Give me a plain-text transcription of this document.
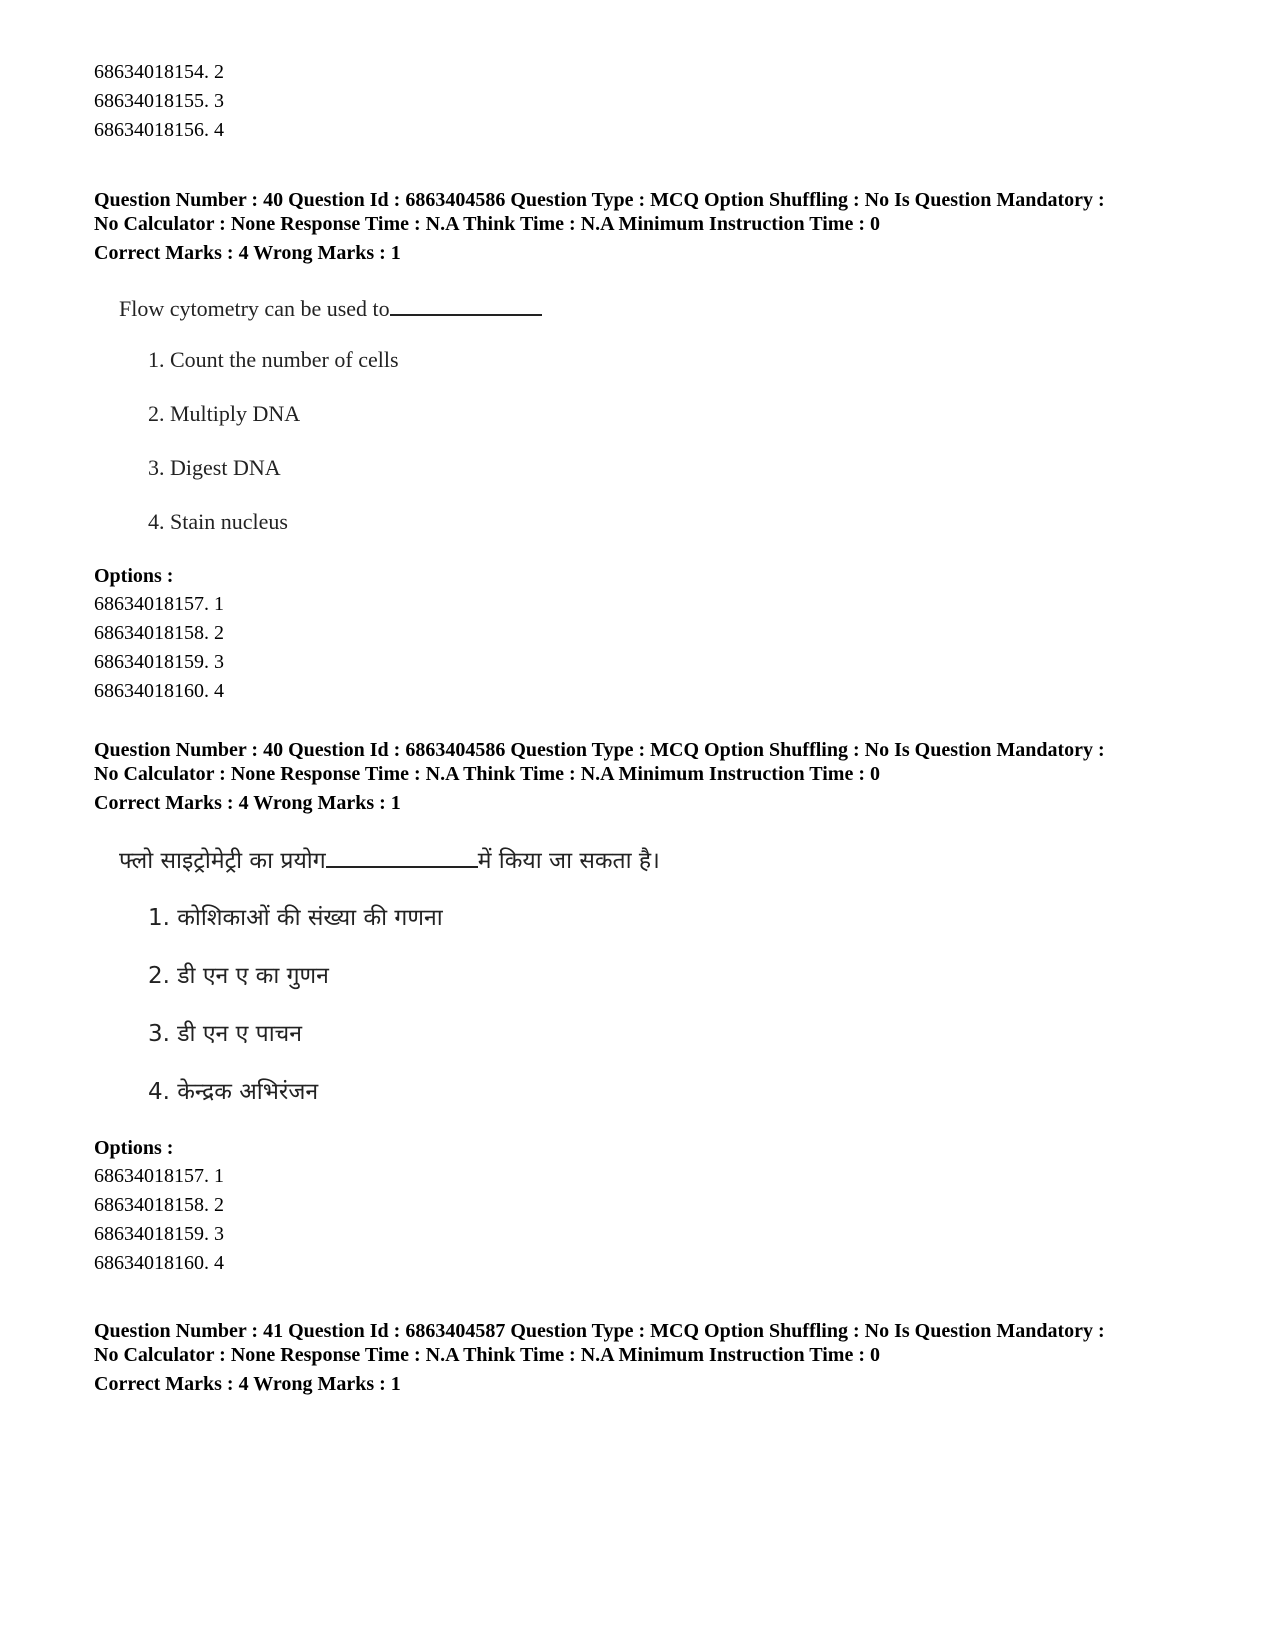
68634018154. 2
68634018155. 3
68634018156. 4
Question Number : 40 Question Id : 6863404586 Question Type : MCQ Option Shuffling : No Is Question Mandatory :
No Calculator : None Response Time : N.A Think Time : N.A Minimum Instruction Time : 0
Correct Marks : 4 Wrong Marks : 1
Flow cytometry can be used to
1. Count the number of cells
2. Multiply DNA
3. Digest DNA
4. Stain nucleus
Options :
68634018157. 1
68634018158. 2
68634018159. 3
68634018160. 4
Question Number : 40 Question Id : 6863404586 Question Type : MCQ Option Shuffling : No Is Question Mandatory :
No Calculator : None Response Time : N.A Think Time : N.A Minimum Instruction Time : 0
Correct Marks : 4 Wrong Marks : 1
फ्लो साइट्रोमेट्री का प्रयोग	में किया जा सकता है।
1. कोशिकाओं की संख्या की गणना
2. डी एन ए का गुणन
3. डी एन ए पाचन
4. केन्द्रक अभिरंजन
Options :
68634018157. 1
68634018158. 2
68634018159. 3
68634018160. 4
Question Number : 41 Question Id : 6863404587 Question Type : MCQ Option Shuffling : No Is Question Mandatory :
No Calculator : None Response Time : N.A Think Time : N.A Minimum Instruction Time : 0
Correct Marks : 4 Wrong Marks : 1
